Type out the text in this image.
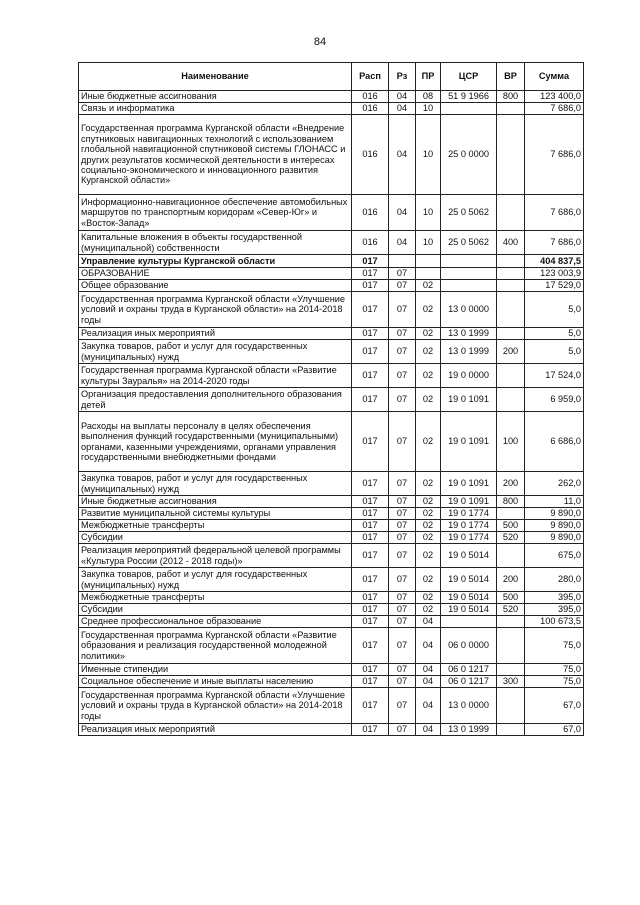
84
Наименование	Расп	Рз	ПР	ЦСР	ВР	Сумма
Иные бюджетные ассигнования	016	04	08	51 9 1966	800	123 400,0
Связь и информатика	016	04	10			7 686,0
Государственная программа Курганской области «Внедрение спутниковых навигационных технологий с использованием глобальной навигационной спутниковой системы ГЛОНАСС и других результатов космической деятельности в интересах социально-экономического и инновационного развития Курганской области»	016	04	10	25 0 0000		7 686,0
Информационно-навигационное обеспечение автомобильных маршрутов по транспортным коридорам «Север-Юг» и «Восток-Запад»	016	04	10	25 0 5062		7 686,0
Капитальные вложения в объекты государственной (муниципальной) собственности	016	04	10	25 0 5062	400	7 686,0
Управление культуры Курганской области	017					404 837,5
ОБРАЗОВАНИЕ	017	07				123 003,9
Общее образование	017	07	02			17 529,0
Государственная программа Курганской области «Улучшение условий и охраны труда в Курганской области» на 2014-2018 годы	017	07	02	13 0 0000		5,0
Реализация иных мероприятий	017	07	02	13 0 1999		5,0
Закупка товаров, работ и услуг для государственных (муниципальных) нужд	017	07	02	13 0 1999	200	5,0
Государственная программа Курганской области «Развитие культуры Зауралья» на 2014-2020 годы	017	07	02	19 0 0000		17 524,0
Организация предоставления дополнительного образования детей	017	07	02	19 0 1091		6 959,0
Расходы на выплаты персоналу в целях обеспечения выполнения функций государственными (муниципальными) органами, казенными учреждениями, органами управления государственными внебюджетными фондами	017	07	02	19 0 1091	100	6 686,0
Закупка товаров, работ и услуг для государственных (муниципальных) нужд	017	07	02	19 0 1091	200	262,0
Иные бюджетные ассигнования	017	07	02	19 0 1091	800	11,0
Развитие муниципальной системы культуры	017	07	02	19 0 1774		9 890,0
Межбюджетные трансферты	017	07	02	19 0 1774	500	9 890,0
Субсидии	017	07	02	19 0 1774	520	9 890,0
Реализация мероприятий федеральной целевой программы «Культура России (2012 - 2018 годы)»	017	07	02	19 0 5014		675,0
Закупка товаров, работ и услуг для государственных (муниципальных) нужд	017	07	02	19 0 5014	200	280,0
Межбюджетные трансферты	017	07	02	19 0 5014	500	395,0
Субсидии	017	07	02	19 0 5014	520	395,0
Среднее профессиональное образование	017	07	04			100 673,5
Государственная программа Курганской области «Развитие образования и реализация государственной молодежной политики»	017	07	04	06 0 0000		75,0
Именные стипендии	017	07	04	06 0 1217		75,0
Социальное обеспечение и иные выплаты населению	017	07	04	06 0 1217	300	75,0
Государственная программа Курганской области «Улучшение условий и охраны труда в Курганской области» на 2014-2018 годы	017	07	04	13 0 0000		67,0
Реализация иных мероприятий	017	07	04	13 0 1999		67,0
